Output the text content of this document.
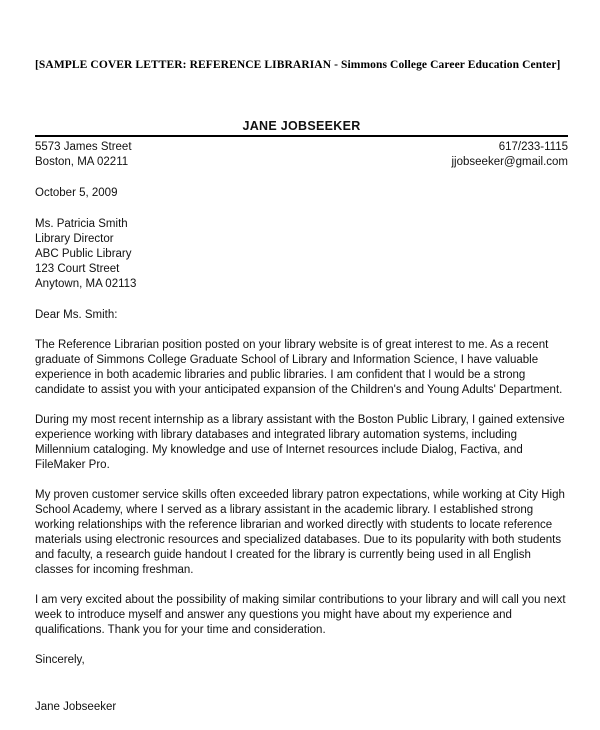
[SAMPLE COVER LETTER: REFERENCE LIBRARIAN - Simmons College Career Education Center]
JANE JOBSEEKER
5573 James Street
Boston, MA 02211
617/233-1115
jjobseeker@gmail.com
October 5, 2009
Ms. Patricia Smith
Library Director
ABC Public Library
123 Court Street
Anytown, MA 02113
Dear Ms. Smith:
The Reference Librarian position posted on your library website is of great interest to me. As a recent graduate of Simmons College Graduate School of Library and Information Science, I have valuable experience in both academic libraries and public libraries. I am confident that I would be a strong candidate to assist you with your anticipated expansion of the Children's and Young Adults' Department.
During my most recent internship as a library assistant with the Boston Public Library, I gained extensive experience working with library databases and integrated library automation systems, including Millennium cataloging. My knowledge and use of Internet resources include Dialog, Factiva, and FileMaker Pro.
My proven customer service skills often exceeded library patron expectations, while working at City High School Academy, where I served as a library assistant in the academic library. I established strong working relationships with the reference librarian and worked directly with students to locate reference materials using electronic resources and specialized databases. Due to its popularity with both students and faculty, a research guide handout I created for the library is currently being used in all English classes for incoming freshman.
I am very excited about the possibility of making similar contributions to your library and will call you next week to introduce myself and answer any questions you might have about my experience and qualifications. Thank you for your time and consideration.
Sincerely,
Jane Jobseeker
